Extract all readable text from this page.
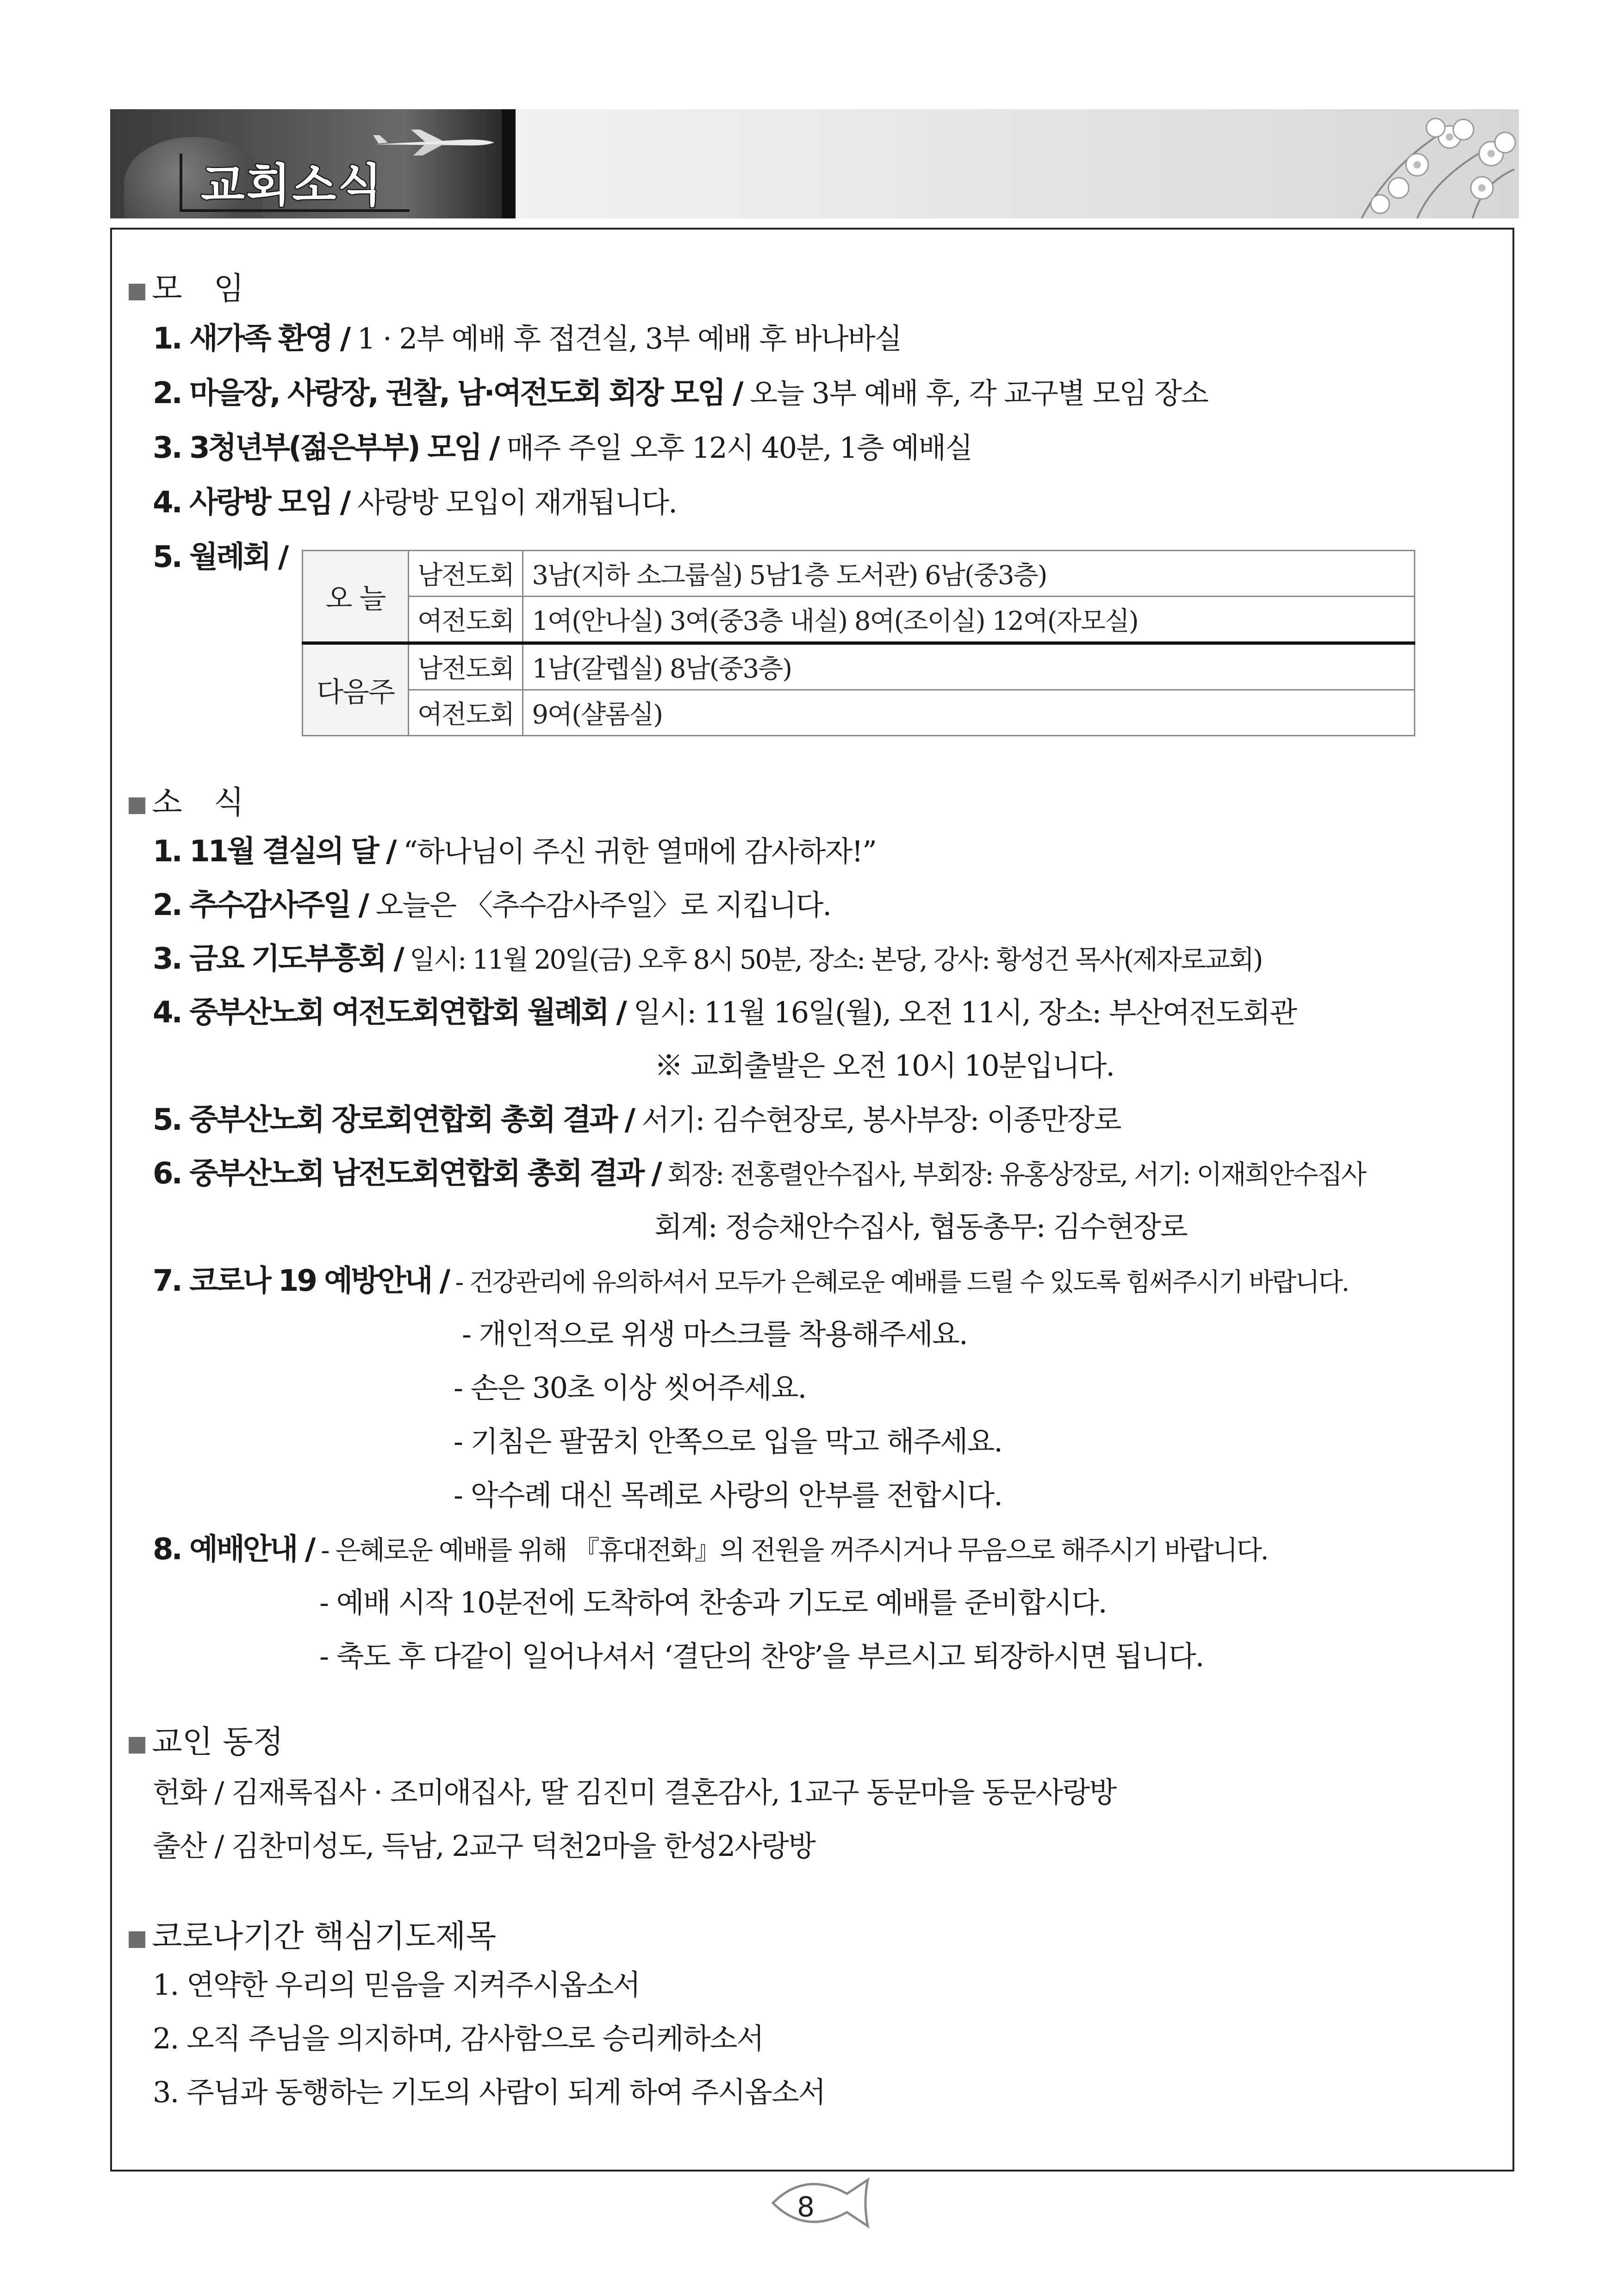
교회소식
모　임
1. 새가족 환영 / 1 · 2부 예배 후 접견실, 3부 예배 후 바나바실
2. 마을장, 사랑장, 권찰, 남·여전도회 회장 모임 / 오늘 3부 예배 후, 각 교구별 모임 장소
3. 3청년부(젊은부부) 모임 / 매주 주일 오후 12시 40분, 1층 예배실
4. 사랑방 모임 / 사랑방 모입이 재개됩니다.
5. 월례회 /
오 늘	남전도회	3남(지하 소그룹실) 5남1층 도서관) 6남(중3층)
	여전도회	1여(안나실) 3여(중3층 내실) 8여(조이실) 12여(자모실)
다음주	남전도회	1남(갈렙실) 8남(중3층)
	여전도회	9여(샬롬실)
소　식
1. 11월 결실의 달 / “하나님이 주신 귀한 열매에 감사하자!”
2. 추수감사주일 / 오늘은 〈추수감사주일〉로 지킵니다.
3. 금요 기도부흥회 / 일시: 11월 20일(금) 오후 8시 50분, 장소: 본당, 강사: 황성건 목사(제자로교회)
4. 중부산노회 여전도회연합회 월례회 / 일시: 11월 16일(월), 오전 11시, 장소: 부산여전도회관
※ 교회출발은 오전 10시 10분입니다.
5. 중부산노회 장로회연합회 총회 결과 / 서기: 김수현장로, 봉사부장: 이종만장로
6. 중부산노회 남전도회연합회 총회 결과 / 회장: 전홍렬안수집사, 부회장: 유홍상장로, 서기: 이재희안수집사
회계: 정승채안수집사, 협동총무: 김수현장로
7. 코로나 19 예방안내 / - 건강관리에 유의하셔서 모두가 은혜로운 예배를 드릴 수 있도록 힘써주시기 바랍니다.
- 개인적으로 위생 마스크를 착용해주세요.
- 손은 30초 이상 씻어주세요.
- 기침은 팔꿈치 안쪽으로 입을 막고 해주세요.
- 악수례 대신 목례로 사랑의 안부를 전합시다.
8. 예배안내 / - 은혜로운 예배를 위해 『휴대전화』의 전원을 꺼주시거나 무음으로 해주시기 바랍니다.
- 예배 시작 10분전에 도착하여 찬송과 기도로 예배를 준비합시다.
- 축도 후 다같이 일어나셔서 ‘결단의 찬양’을 부르시고 퇴장하시면 됩니다.
교인 동정
헌화 / 김재록집사 · 조미애집사, 딸 김진미 결혼감사, 1교구 동문마을 동문사랑방
출산 / 김찬미성도, 득남, 2교구 덕천2마을 한성2사랑방
코로나기간 핵심기도제목
1. 연약한 우리의 믿음을 지켜주시옵소서
2. 오직 주님을 의지하며, 감사함으로 승리케하소서
3. 주님과 동행하는 기도의 사람이 되게 하여 주시옵소서
8
